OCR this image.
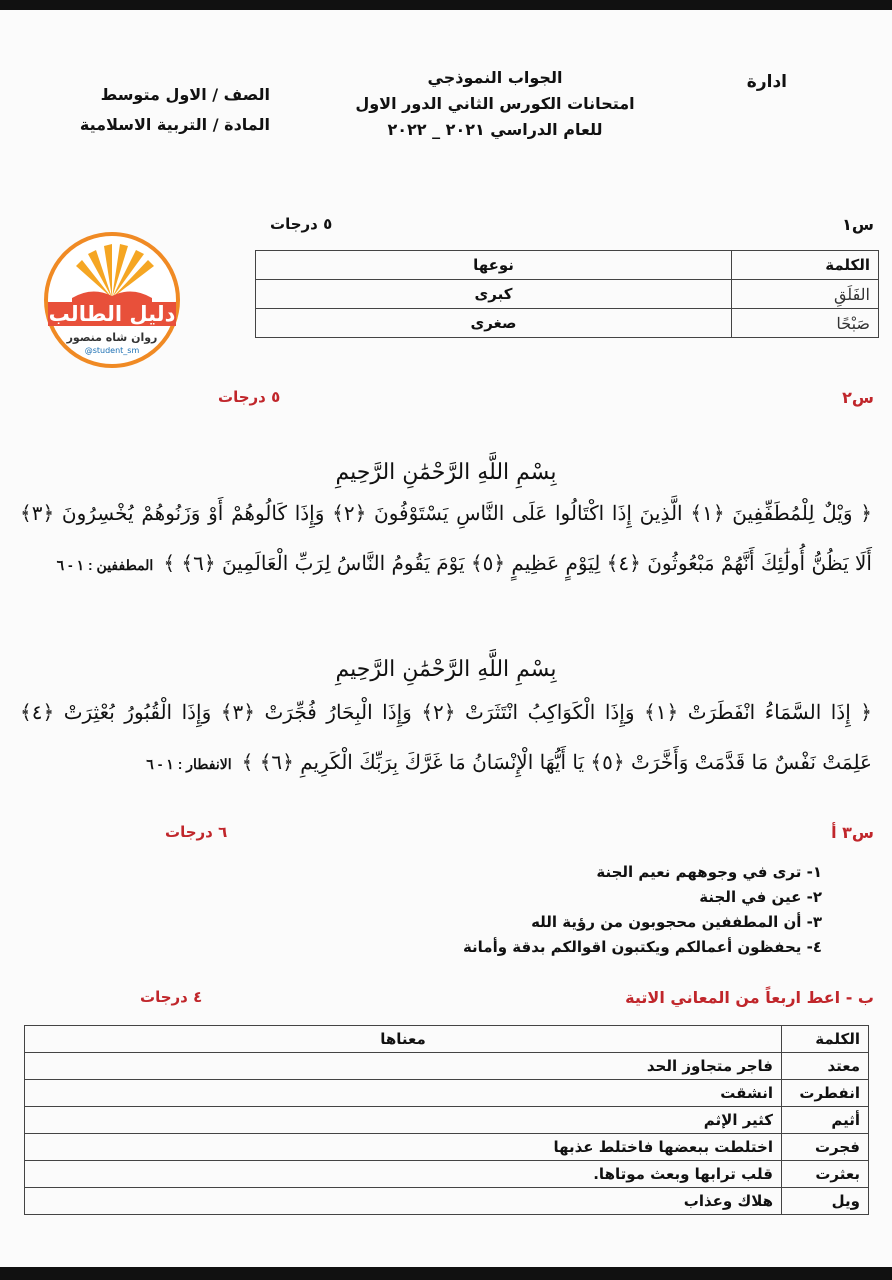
ادارة
الجواب النموذجي
امتحانات الكورس الثاني الدور الاول
للعام الدراسي ٢٠٢١ _ ٢٠٢٢
الصف / الاول متوسط
المادة / التربية الاسلامية
دليل الطالب
روان شاه منصور
@student_sm
س١
٥ درجات
الكلمة	نوعها
الفَلَقِ	كبرى
صَبْحًا	صغرى
س٢
٥ درجات
بِسْمِ اللَّهِ الرَّحْمَٰنِ الرَّحِيمِ
﴿ وَيْلٌ لِلْمُطَفِّفِينَ ﴿١﴾ الَّذِينَ إِذَا اكْتَالُوا عَلَى النَّاسِ يَسْتَوْفُونَ ﴿٢﴾ وَإِذَا كَالُوهُمْ أَوْ وَزَنُوهُمْ يُخْسِرُونَ ﴿٣﴾ أَلَا يَظُنُّ أُولَٰئِكَ أَنَّهُمْ مَبْعُوثُونَ ﴿٤﴾ لِيَوْمٍ عَظِيمٍ ﴿٥﴾ يَوْمَ يَقُومُ النَّاسُ لِرَبِّ الْعَالَمِينَ ﴿٦﴾ ﴾المطففين : ١ - ٦
بِسْمِ اللَّهِ الرَّحْمَٰنِ الرَّحِيمِ
﴿ إِذَا السَّمَاءُ انْفَطَرَتْ ﴿١﴾ وَإِذَا الْكَوَاكِبُ انْتَثَرَتْ ﴿٢﴾ وَإِذَا الْبِحَارُ فُجِّرَتْ ﴿٣﴾ وَإِذَا الْقُبُورُ بُعْثِرَتْ ﴿٤﴾ عَلِمَتْ نَفْسٌ مَا قَدَّمَتْ وَأَخَّرَتْ ﴿٥﴾ يَا أَيُّهَا الْإِنْسَانُ مَا غَرَّكَ بِرَبِّكَ الْكَرِيمِ ﴿٦﴾ ﴾الانفطار : ١ - ٦
س٣ أ
٦ درجات
١- ترى في وجوههم نعيم الجنة
٢- عين في الجنة
٣- أن المطففين محجوبون من رؤية الله
٤- يحفظون أعمالكم ويكتبون اقوالكم بدقة وأمانة
ب - اعط اربعاً من المعاني الاتية
٤ درجات
الكلمة	معناها
معتد	فاجر متجاوز الحد
انفطرت	انشقت
أثيم	كثير الإثم
فجرت	اختلطت ببعضها فاختلط عذبها
بعثرت	قلب ترابها وبعث موتاها.
ويل	هلاك وعذاب
